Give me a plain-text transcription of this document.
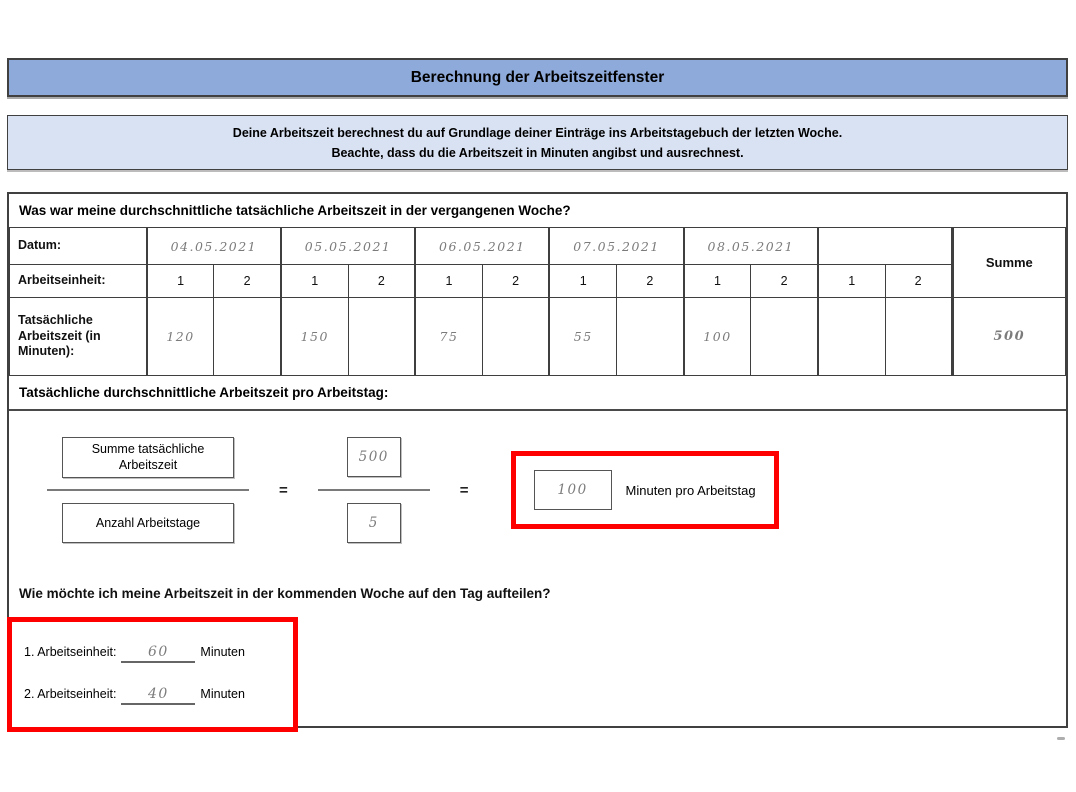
Berechnung der Arbeitszeitfenster
Deine Arbeitszeit berechnest du auf Grundlage deiner Einträge ins Arbeitstagebuch der letzten Woche.
Beachte, dass du die Arbeitszeit in Minuten angibst und ausrechnest.
Was war meine durchschnittliche tatsächliche Arbeitszeit in der vergangenen Woche?
Datum:	04.05.2021		05.05.2021		06.05.2021		07.05.2021		08.05.2021				Summe
Arbeitseinheit:	1	2	1	2	1	2	1	2	1	2	1	2	
Tatsächliche Arbeitszeit (in Minuten):	120		150		75		55		100				500
Tatsächliche durchschnittliche Arbeitszeit pro Arbeitstag:
$\frac{\text{Summe tatsächliche Arbeitszeit}}{\text{Anzahl Arbeitstage}} = \frac{500}{5}$ =	100	Minuten pro Arbeitstag
Wie möchte ich meine Arbeitszeit in der kommenden Woche auf den Tag aufteilen?
1. Arbeitseinheit: 60	Minuten
2. Arbeitseinheit: 40	Minuten
